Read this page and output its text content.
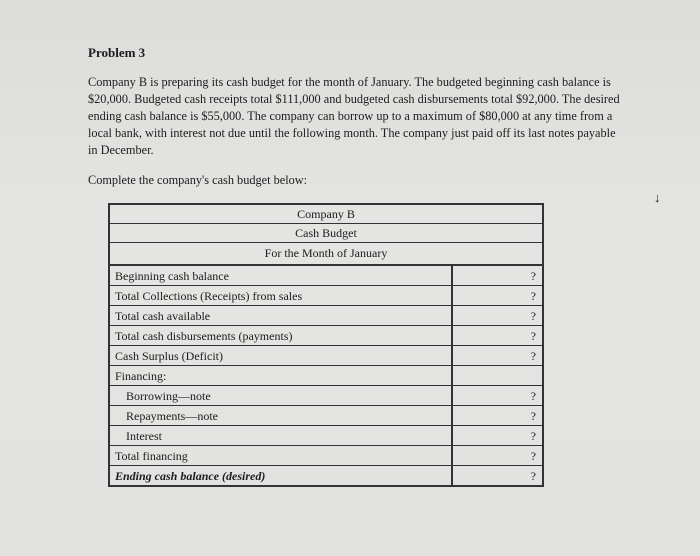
Problem 3
Company B is preparing its cash budget for the month of January. The budgeted beginning cash balance is $20,000. Budgeted cash receipts total $111,000 and budgeted cash disbursements total $92,000. The desired ending cash balance is $55,000. The company can borrow up to a maximum of $80,000 at any time from a local bank, with interest not due until the following month. The company just paid off its last notes payable in December.
Complete the company's cash budget below:
↓
Company B
Cash Budget
For the Month of January
Beginning cash balance	?
Total Collections (Receipts) from sales	?
Total cash available	?
Total cash disbursements (payments)	?
Cash Surplus (Deficit)	?
Financing:	
Borrowing—note	?
Repayments—note	?
Interest	?
Total financing	?
Ending cash balance (desired)	?
